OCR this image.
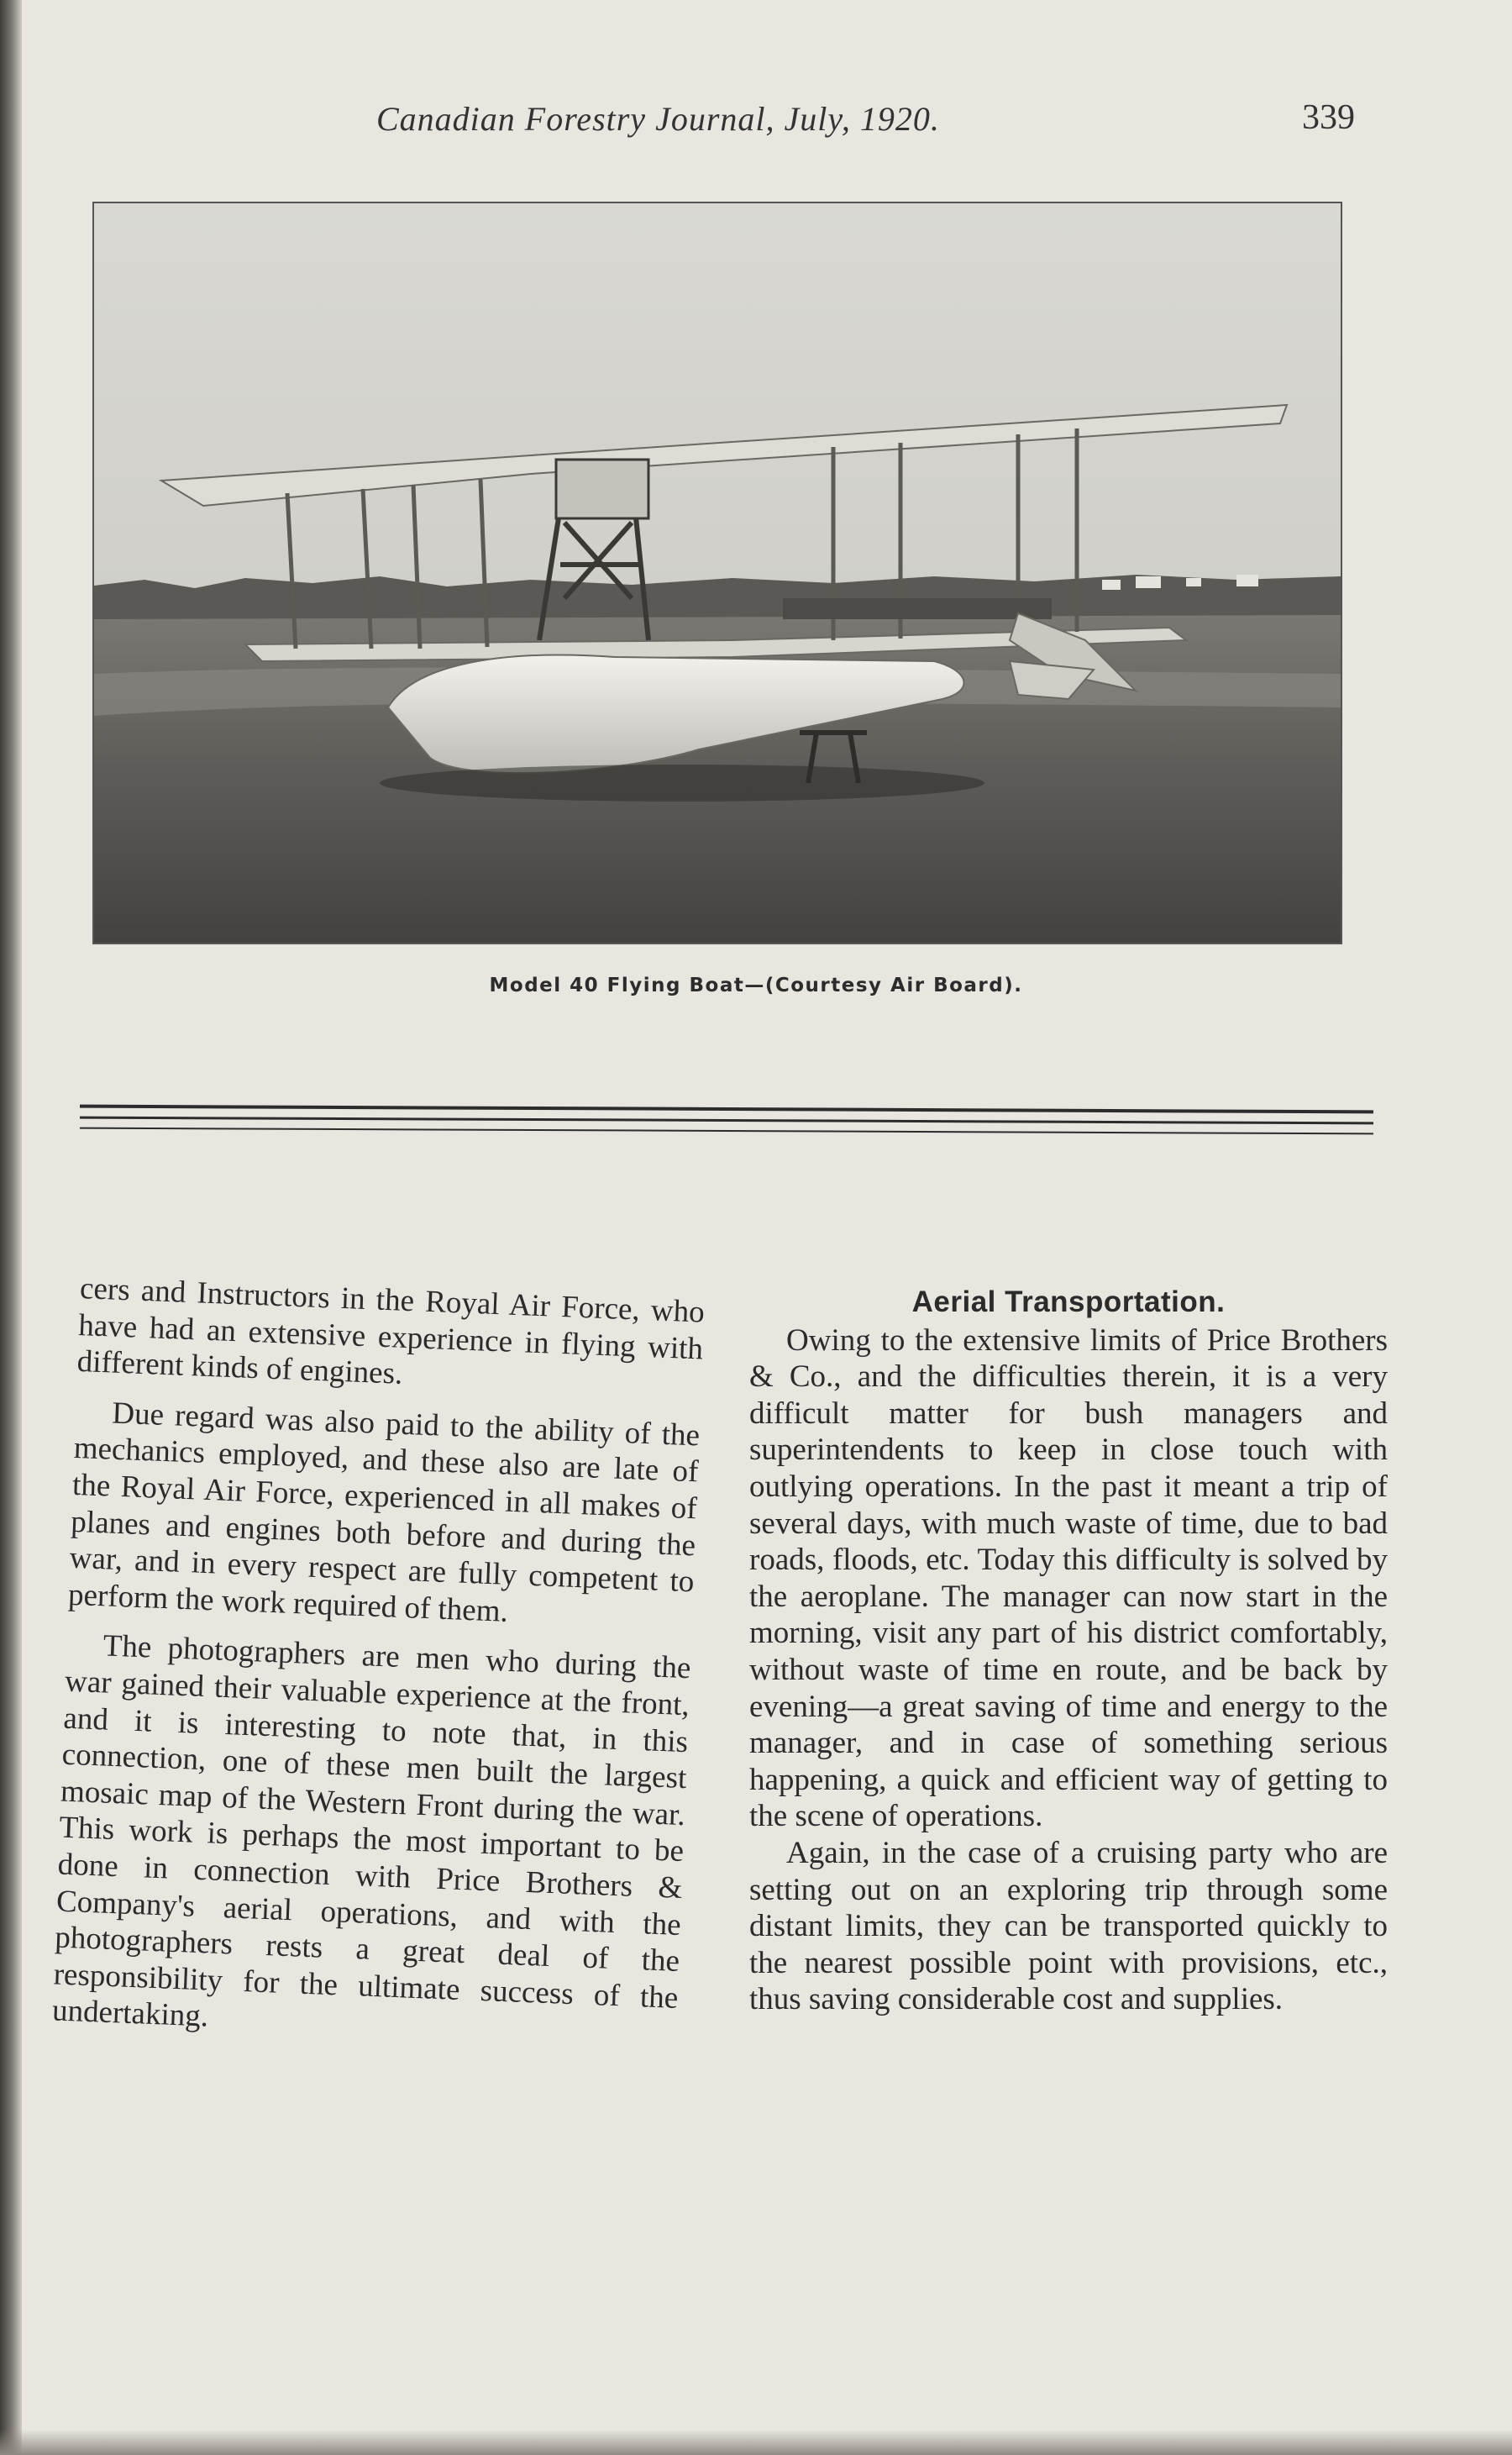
Canadian Forestry Journal, July, 1920.	339
Model 40 Flying Boat—(Courtesy Air Board).

cers and Instructors in the Royal Air Force, who have had an extensive experience in flying with different kinds of engines.

Due regard was also paid to the ability of the mechanics employed, and these also are late of the Royal Air Force, experienced in all makes of planes and engines both before and during the war, and in every respect are fully competent to perform the work required of them.

The photographers are men who during the war gained their valuable experience at the front, and it is interesting to note that, in this connection, one of these men built the largest mosaic map of the Western Front during the war. This work is perhaps the most important to be done in connection with Price Brothers & Company's aerial operations, and with the photographers rests a great deal of the responsibility for the ultimate success of the undertaking.

Aerial Transportation.

Owing to the extensive limits of Price Brothers & Co., and the difficulties therein, it is a very difficult matter for bush managers and superintendents to keep in close touch with outlying operations. In the past it meant a trip of several days, with much waste of time, due to bad roads, floods, etc. Today this difficulty is solved by the aeroplane. The manager can now start in the morning, visit any part of his district comfortably, without waste of time en route, and be back by evening—a great saving of time and energy to the manager, and in case of something serious happening, a quick and efficient way of getting to the scene of operations.

Again, in the case of a cruising party who are setting out on an exploring trip through some distant limits, they can be transported quickly to the nearest possible point with provisions, etc., thus saving considerable cost and supplies.
